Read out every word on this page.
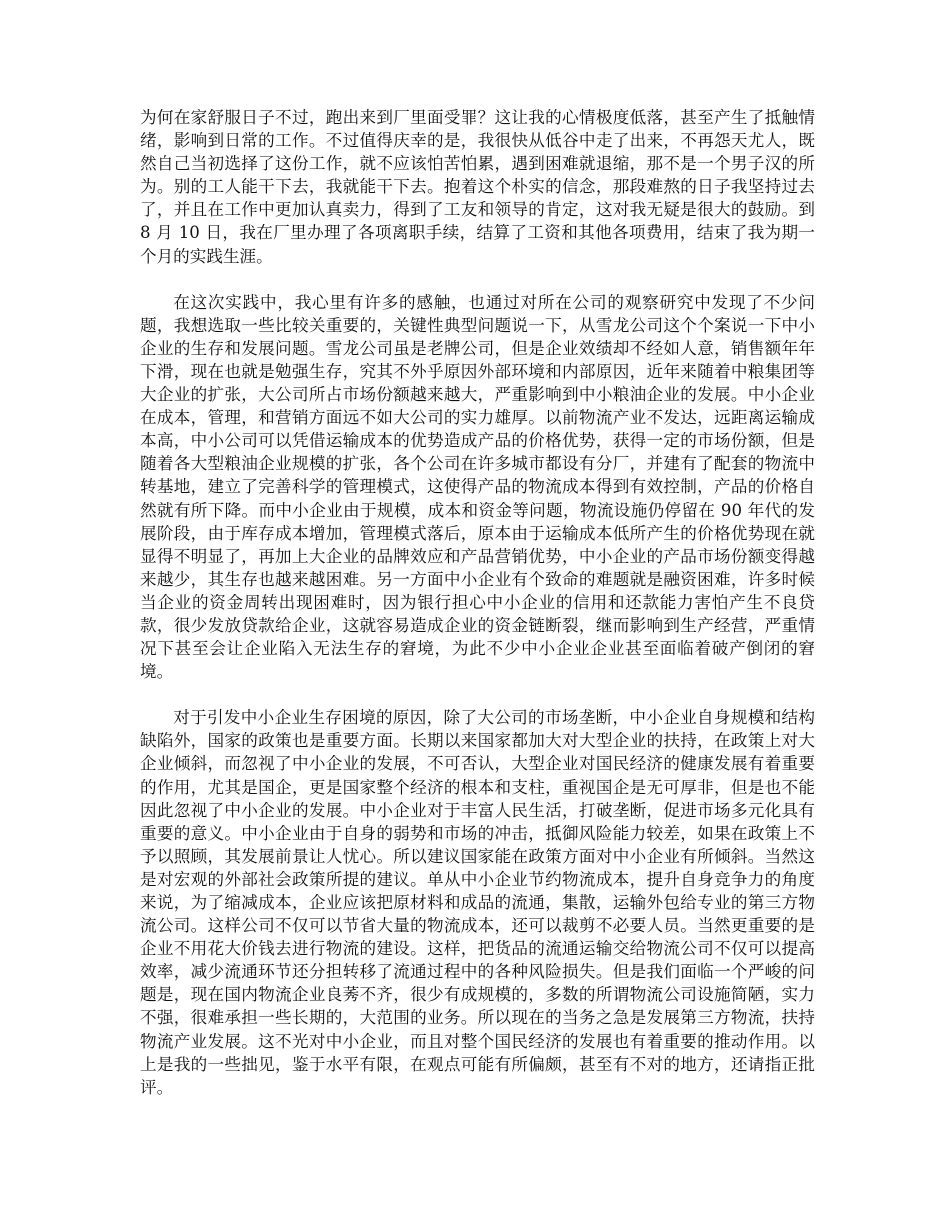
为何在家舒服日子不过，跑出来到厂里面受罪？这让我的心情极度低落，甚至产生了抵触情绪，影响到日常的工作。不过值得庆幸的是，我很快从低谷中走了出来，不再怨天尤人，既然自己当初选择了这份工作，就不应该怕苦怕累，遇到困难就退缩，那不是一个男子汉的所为。别的工人能干下去，我就能干下去。抱着这个朴实的信念，那段难熬的日子我坚持过去了，并且在工作中更加认真卖力，得到了工友和领导的肯定，这对我无疑是很大的鼓励。到 8 月 10 日，我在厂里办理了各项离职手续，结算了工资和其他各项费用，结束了我为期一个月的实践生涯。

在这次实践中，我心里有许多的感触，也通过对所在公司的观察研究中发现了不少问题，我想选取一些比较关重要的，关键性典型问题说一下，从雪龙公司这个个案说一下中小企业的生存和发展问题。雪龙公司虽是老牌公司，但是企业效绩却不经如人意，销售额年年下滑，现在也就是勉强生存，究其不外乎原因外部环境和内部原因，近年来随着中粮集团等大企业的扩张，大公司所占市场份额越来越大，严重影响到中小粮油企业的发展。中小企业在成本，管理，和营销方面远不如大公司的实力雄厚。以前物流产业不发达，远距离运输成本高，中小公司可以凭借运输成本的优势造成产品的价格优势，获得一定的市场份额，但是随着各大型粮油企业规模的扩张，各个公司在许多城市都设有分厂，并建有了配套的物流中转基地，建立了完善科学的管理模式，这使得产品的物流成本得到有效控制，产品的价格自然就有所下降。而中小企业由于规模，成本和资金等问题，物流设施仍停留在 90 年代的发展阶段，由于库存成本增加，管理模式落后，原本由于运输成本低所产生的价格优势现在就显得不明显了，再加上大企业的品牌效应和产品营销优势，中小企业的产品市场份额变得越来越少，其生存也越来越困难。另一方面中小企业有个致命的难题就是融资困难，许多时候当企业的资金周转出现困难时，因为银行担心中小企业的信用和还款能力害怕产生不良贷款，很少发放贷款给企业，这就容易造成企业的资金链断裂，继而影响到生产经营，严重情况下甚至会让企业陷入无法生存的窘境，为此不少中小企业企业甚至面临着破产倒闭的窘境。

对于引发中小企业生存困境的原因，除了大公司的市场垄断，中小企业自身规模和结构缺陷外，国家的政策也是重要方面。长期以来国家都加大对大型企业的扶持，在政策上对大企业倾斜，而忽视了中小企业的发展，不可否认，大型企业对国民经济的健康发展有着重要的作用，尤其是国企，更是国家整个经济的根本和支柱，重视国企是无可厚非，但是也不能因此忽视了中小企业的发展。中小企业对于丰富人民生活，打破垄断，促进市场多元化具有重要的意义。中小企业由于自身的弱势和市场的冲击，抵御风险能力较差，如果在政策上不予以照顾，其发展前景让人忧心。所以建议国家能在政策方面对中小企业有所倾斜。当然这是对宏观的外部社会政策所提的建议。单从中小企业节约物流成本，提升自身竞争力的角度来说，为了缩减成本，企业应该把原材料和成品的流通，集散，运输外包给专业的第三方物流公司。这样公司不仅可以节省大量的物流成本，还可以裁剪不必要人员。当然更重要的是企业不用花大价钱去进行物流的建设。这样，把货品的流通运输交给物流公司不仅可以提高效率，减少流通环节还分担转移了流通过程中的各种风险损失。但是我们面临一个严峻的问题是，现在国内物流企业良莠不齐，很少有成规模的，多数的所谓物流公司设施简陋，实力不强，很难承担一些长期的，大范围的业务。所以现在的当务之急是发展第三方物流，扶持物流产业发展。这不光对中小企业，而且对整个国民经济的发展也有着重要的推动作用。以上是我的一些拙见，鉴于水平有限，在观点可能有所偏颇，甚至有不对的地方，还请指正批评。
